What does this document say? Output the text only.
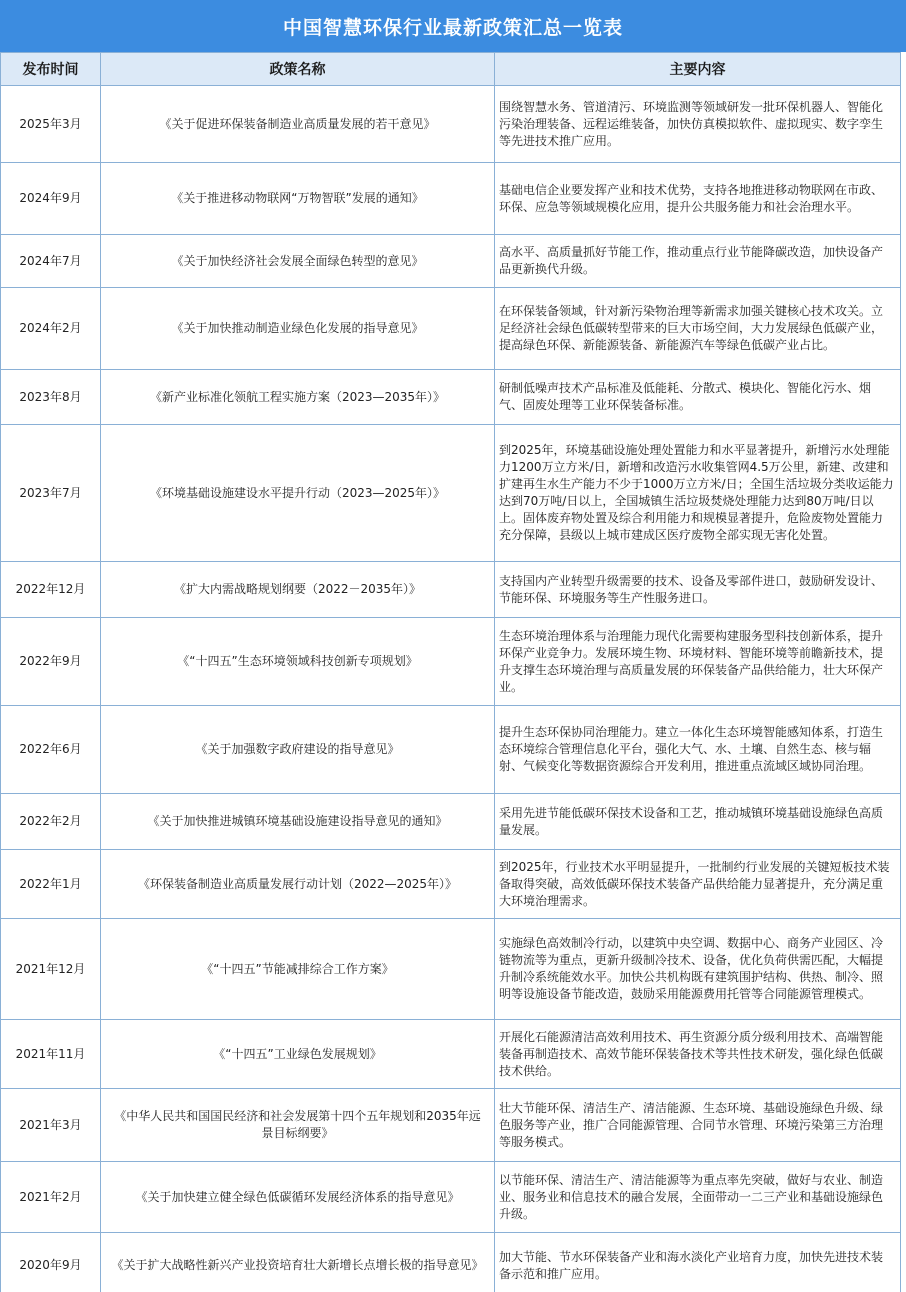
中国智慧环保行业最新政策汇总一览表
发布时间	政策名称	主要内容
2025年3月	《关于促进环保装备制造业高质量发展的若干意见》	围绕智慧水务、管道清污、环境监测等领域研发一批环保机器人、智能化污染治理装备、远程运维装备，加快仿真模拟软件、虚拟现实、数字孪生等先进技术推广应用。
2024年9月	《关于推进移动物联网“万物智联”发展的通知》	基础电信企业要发挥产业和技术优势，支持各地推进移动物联网在市政、环保、应急等领域规模化应用，提升公共服务能力和社会治理水平。
2024年7月	《关于加快经济社会发展全面绿色转型的意见》	高水平、高质量抓好节能工作，推动重点行业节能降碳改造，加快设备产品更新换代升级。
2024年2月	《关于加快推动制造业绿色化发展的指导意见》	在环保装备领域，针对新污染物治理等新需求加强关键核心技术攻关。立足经济社会绿色低碳转型带来的巨大市场空间，大力发展绿色低碳产业，提高绿色环保、新能源装备、新能源汽车等绿色低碳产业占比。
2023年8月	《新产业标准化领航工程实施方案（2023—2035年）》	研制低噪声技术产品标准及低能耗、分散式、模块化、智能化污水、烟气、固废处理等工业环保装备标准。
2023年7月	《环境基础设施建设水平提升行动（2023—2025年）》	到2025年，环境基础设施处理处置能力和水平显著提升，新增污水处理能力1200万立方米/日，新增和改造污水收集管网4.5万公里，新建、改建和扩建再生水生产能力不少于1000万立方米/日；全国生活垃圾分类收运能力达到70万吨/日以上，全国城镇生活垃圾焚烧处理能力达到80万吨/日以上。固体废弃物处置及综合利用能力和规模显著提升，危险废物处置能力充分保障，县级以上城市建成区医疗废物全部实现无害化处置。
2022年12月	《扩大内需战略规划纲要（2022－2035年）》	支持国内产业转型升级需要的技术、设备及零部件进口，鼓励研发设计、节能环保、环境服务等生产性服务进口。
2022年9月	《“十四五”生态环境领域科技创新专项规划》	生态环境治理体系与治理能力现代化需要构建服务型科技创新体系，提升环保产业竞争力。发展环境生物、环境材料、智能环境等前瞻新技术，提升支撑生态环境治理与高质量发展的环保装备产品供给能力，壮大环保产业。
2022年6月	《关于加强数字政府建设的指导意见》	提升生态环保协同治理能力。建立一体化生态环境智能感知体系，打造生态环境综合管理信息化平台，强化大气、水、土壤、自然生态、核与辐射、气候变化等数据资源综合开发利用，推进重点流域区域协同治理。
2022年2月	《关于加快推进城镇环境基础设施建设指导意见的通知》	采用先进节能低碳环保技术设备和工艺，推动城镇环境基础设施绿色高质量发展。
2022年1月	《环保装备制造业高质量发展行动计划（2022—2025年）》	到2025年，行业技术水平明显提升，一批制约行业发展的关键短板技术装备取得突破，高效低碳环保技术装备产品供给能力显著提升，充分满足重大环境治理需求。
2021年12月	《“十四五”节能减排综合工作方案》	实施绿色高效制冷行动，以建筑中央空调、数据中心、商务产业园区、冷链物流等为重点，更新升级制冷技术、设备，优化负荷供需匹配，大幅提升制冷系统能效水平。加快公共机构既有建筑围护结构、供热、制冷、照明等设施设备节能改造，鼓励采用能源费用托管等合同能源管理模式。
2021年11月	《“十四五”工业绿色发展规划》	开展化石能源清洁高效利用技术、再生资源分质分级利用技术、高端智能装备再制造技术、高效节能环保装备技术等共性技术研发，强化绿色低碳技术供给。
2021年3月	《中华人民共和国国民经济和社会发展第十四个五年规划和2035年远景目标纲要》	壮大节能环保、清洁生产、清洁能源、生态环境、基础设施绿色升级、绿色服务等产业，推广合同能源管理、合同节水管理、环境污染第三方治理等服务模式。
2021年2月	《关于加快建立健全绿色低碳循环发展经济体系的指导意见》	以节能环保、清洁生产、清洁能源等为重点率先突破，做好与农业、制造业、服务业和信息技术的融合发展，全面带动一二三产业和基础设施绿色升级。
2020年9月	《关于扩大战略性新兴产业投资培育壮大新增长点增长极的指导意见》	加大节能、节水环保装备产业和海水淡化产业培育力度，加快先进技术装备示范和推广应用。
